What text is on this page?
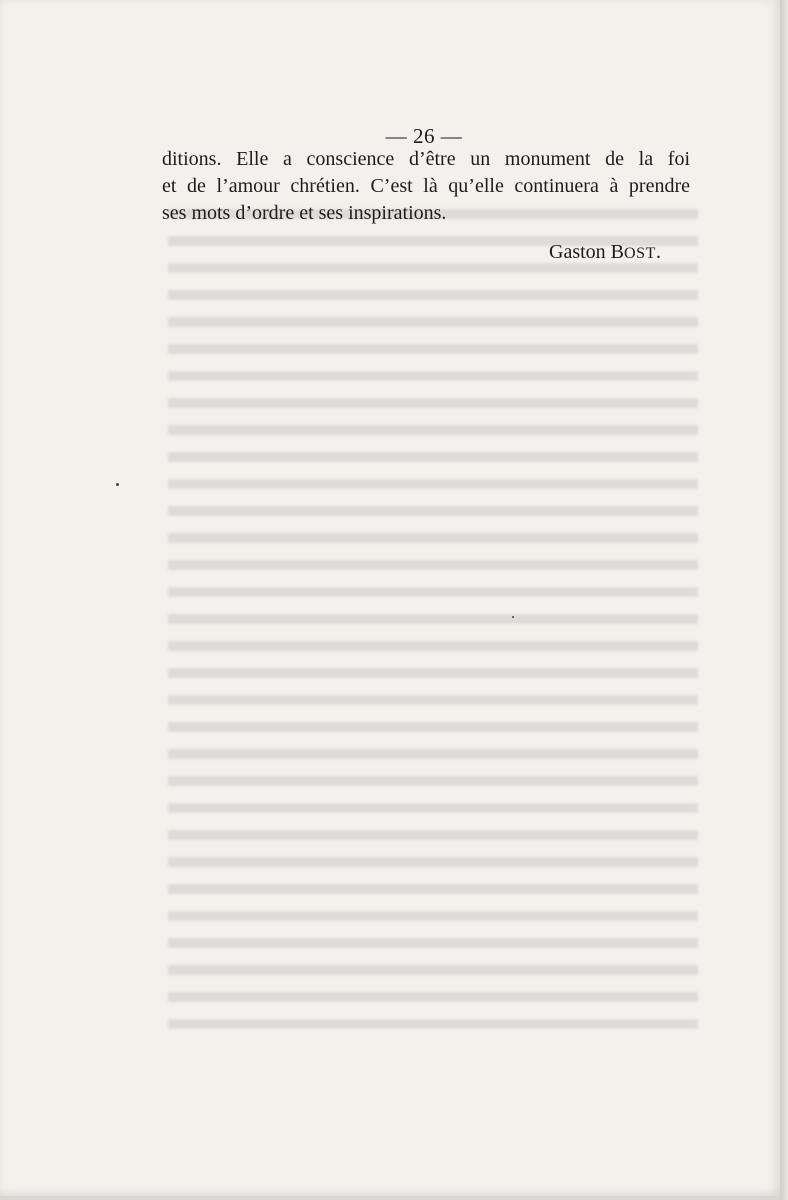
— 26 —
ditions. Elle a conscience d’être un monument de la foi
et de l’amour chrétien. C’est là qu’elle continuera à prendre
ses mots d’ordre et ses inspirations.
Gaston BOST.
